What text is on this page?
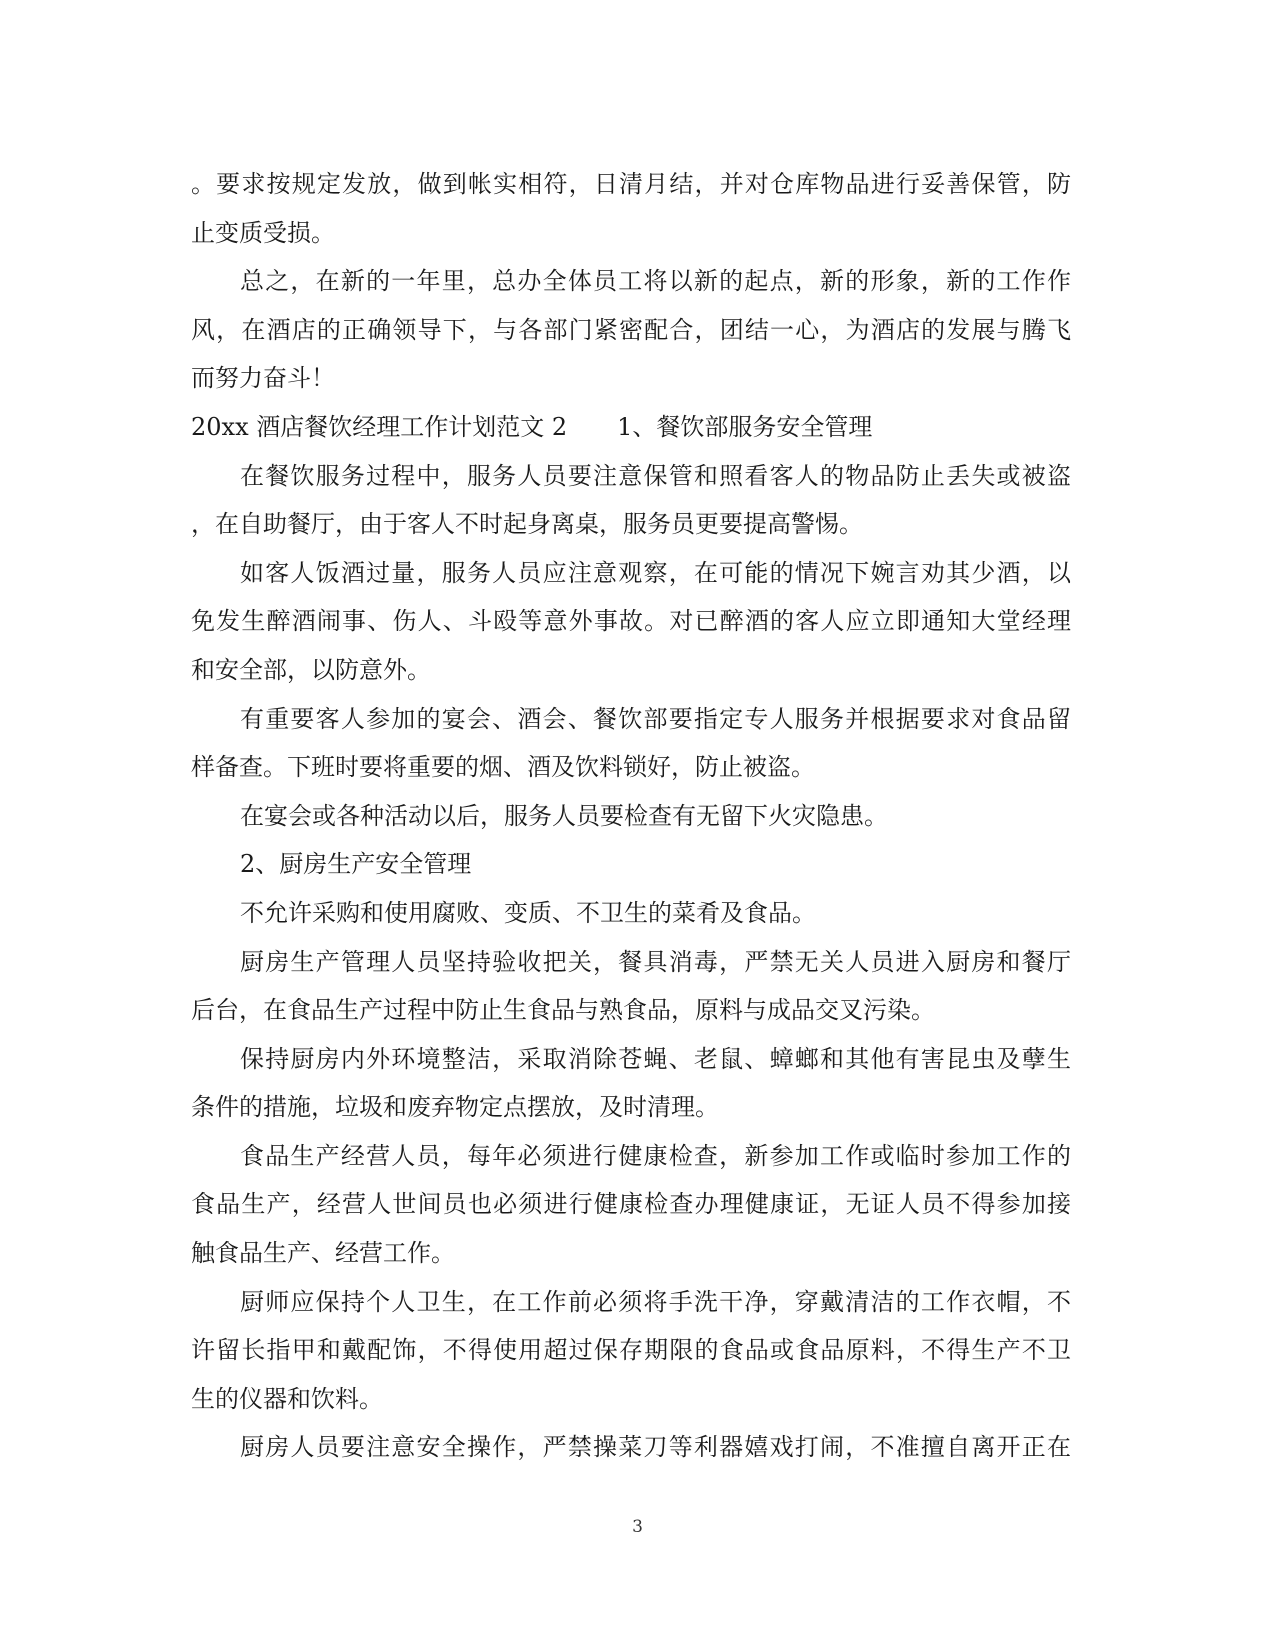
。要求按规定发放，做到帐实相符，日清月结，并对仓库物品进行妥善保管，防
止变质受损。
总之，在新的一年里，总办全体员工将以新的起点，新的形象，新的工作作
风，在酒店的正确领导下，与各部门紧密配合，团结一心，为酒店的发展与腾飞
而努力奋斗！
20xx 酒店餐饮经理工作计划范文 2 1、餐饮部服务安全管理
在餐饮服务过程中，服务人员要注意保管和照看客人的物品防止丢失或被盗
，在自助餐厅，由于客人不时起身离桌，服务员更要提高警惕。
如客人饭酒过量，服务人员应注意观察，在可能的情况下婉言劝其少酒，以
免发生醉酒闹事、伤人、斗殴等意外事故。对已醉酒的客人应立即通知大堂经理
和安全部，以防意外。
有重要客人参加的宴会、酒会、餐饮部要指定专人服务并根据要求对食品留
样备查。下班时要将重要的烟、酒及饮料锁好，防止被盗。
在宴会或各种活动以后，服务人员要检查有无留下火灾隐患。
2、厨房生产安全管理
不允许采购和使用腐败、变质、不卫生的菜肴及食品。
厨房生产管理人员坚持验收把关，餐具消毒，严禁无关人员进入厨房和餐厅
后台，在食品生产过程中防止生食品与熟食品，原料与成品交叉污染。
保持厨房内外环境整洁，采取消除苍蝇、老鼠、蟑螂和其他有害昆虫及孽生
条件的措施，垃圾和废弃物定点摆放，及时清理。
食品生产经营人员，每年必须进行健康检查，新参加工作或临时参加工作的
食品生产，经营人世间员也必须进行健康检查办理健康证，无证人员不得参加接
触食品生产、经营工作。
厨师应保持个人卫生，在工作前必须将手洗干净，穿戴清洁的工作衣帽，不
许留长指甲和戴配饰，不得使用超过保存期限的食品或食品原料，不得生产不卫
生的仪器和饮料。
厨房人员要注意安全操作，严禁操菜刀等利器嬉戏打闹，不准擅自离开正在
3
